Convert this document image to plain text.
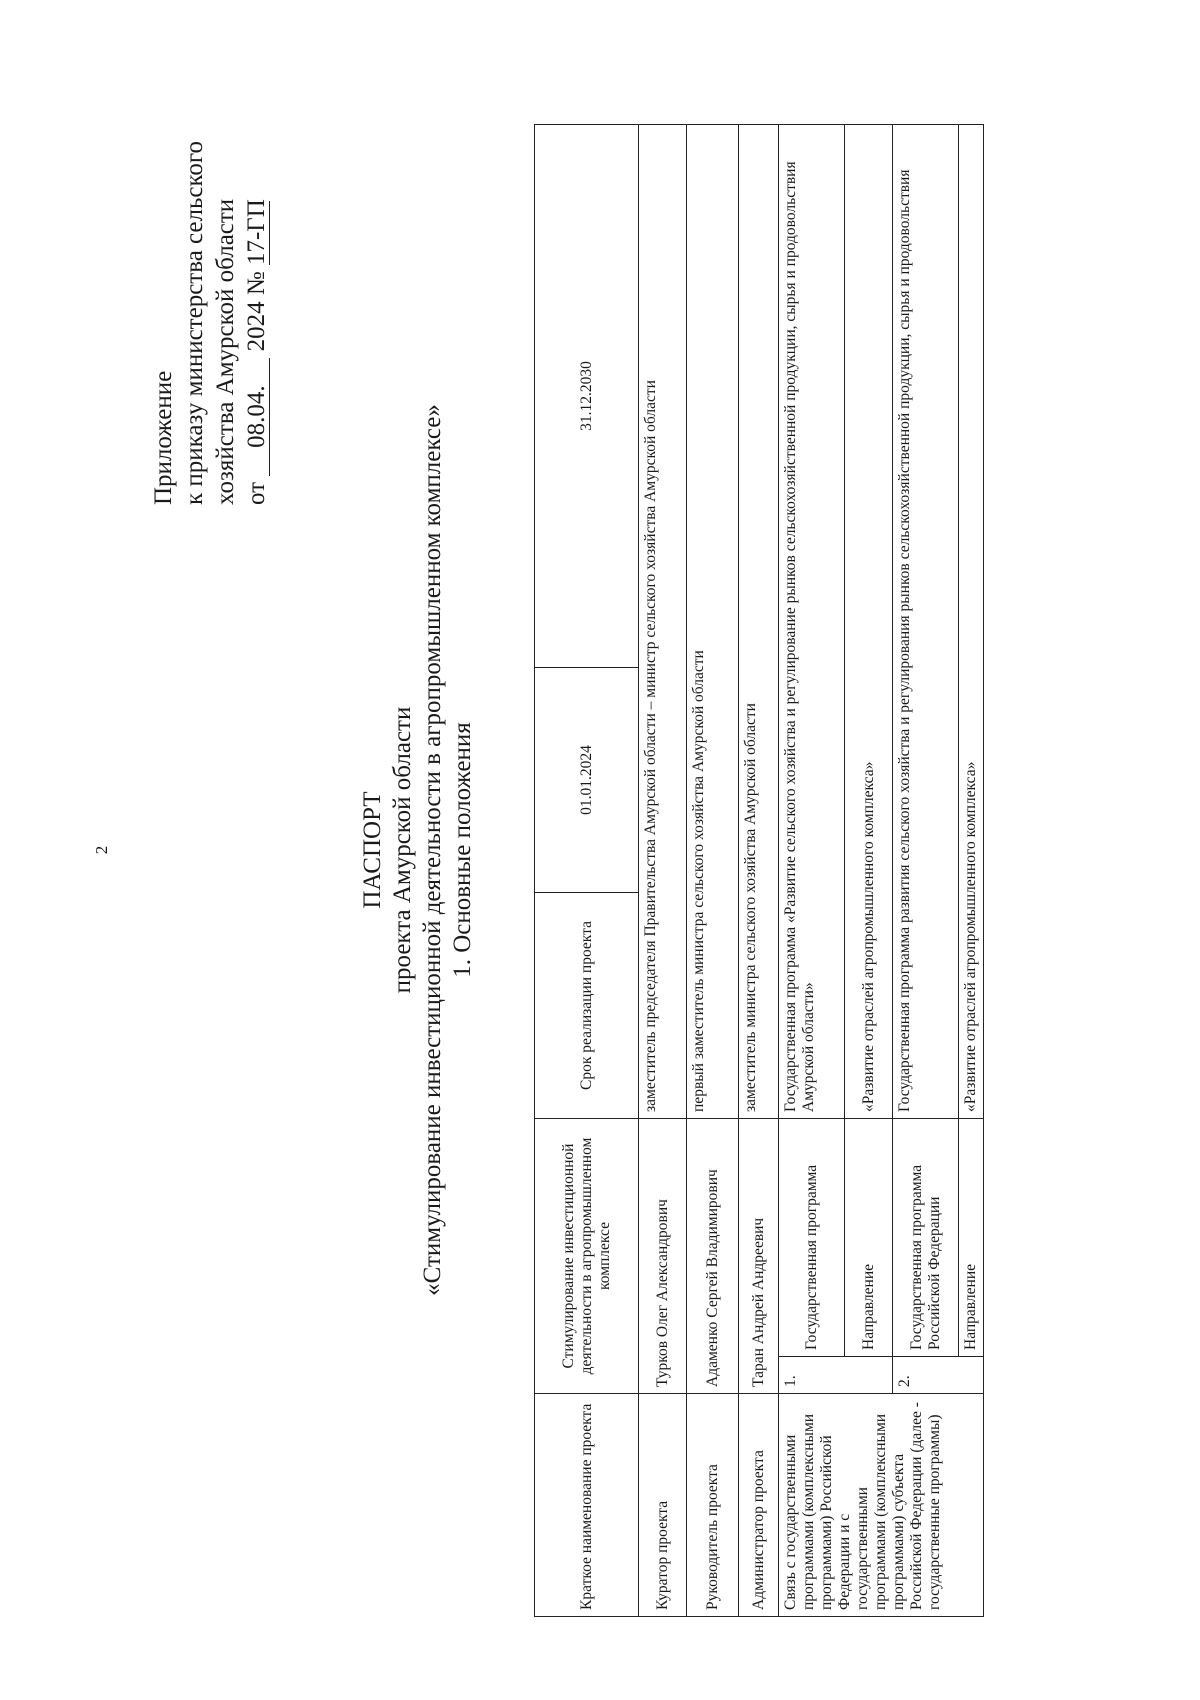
2
Приложение к приказу министерства сельского хозяйства Амурской области от 08.04. 2024 № 17-ГП
ПАСПОРТ проекта Амурской области «Стимулирование инвестиционной деятельности в агропромышленном комплексе» 1. Основные положения
Краткое наименование проекта	Стимулирование инвестиционной деятельности в агропромышленном комплексе		Срок реализации проекта	01.01.2024	31.12.2030
Куратор проекта	Турков Олег Александрович		заместитель председателя Правительства Амурской области – министр сельского хозяйства Амурской области		
Руководитель проекта	Адаменко Сергей Владимирович		первый заместитель министра сельского хозяйства Амурской области		
Администратор проекта	Таран Андрей Андреевич		заместитель министра сельского хозяйства Амурской области		
Связь с государственными программами (комплексными программами) Российской Федерации и с государственными программами (комплексными программами) субъекта Российской Федерации (далее - государственные программы)	1.	Государственная программа	Государственная программа «Развитие сельского хозяйства и регулирование рынков сельскохозяйственной продукции, сырья и продовольствия Амурской области»		
		Направление	«Развитие отраслей агропромышленного комплекса»		
	2.	Государственная программа Российской Федерации	Государственная программа развития сельского хозяйства и регулирования рынков сельскохозяйственной продукции, сырья и продовольствия		
		Направление	«Развитие отраслей агропромышленного комплекса»		
